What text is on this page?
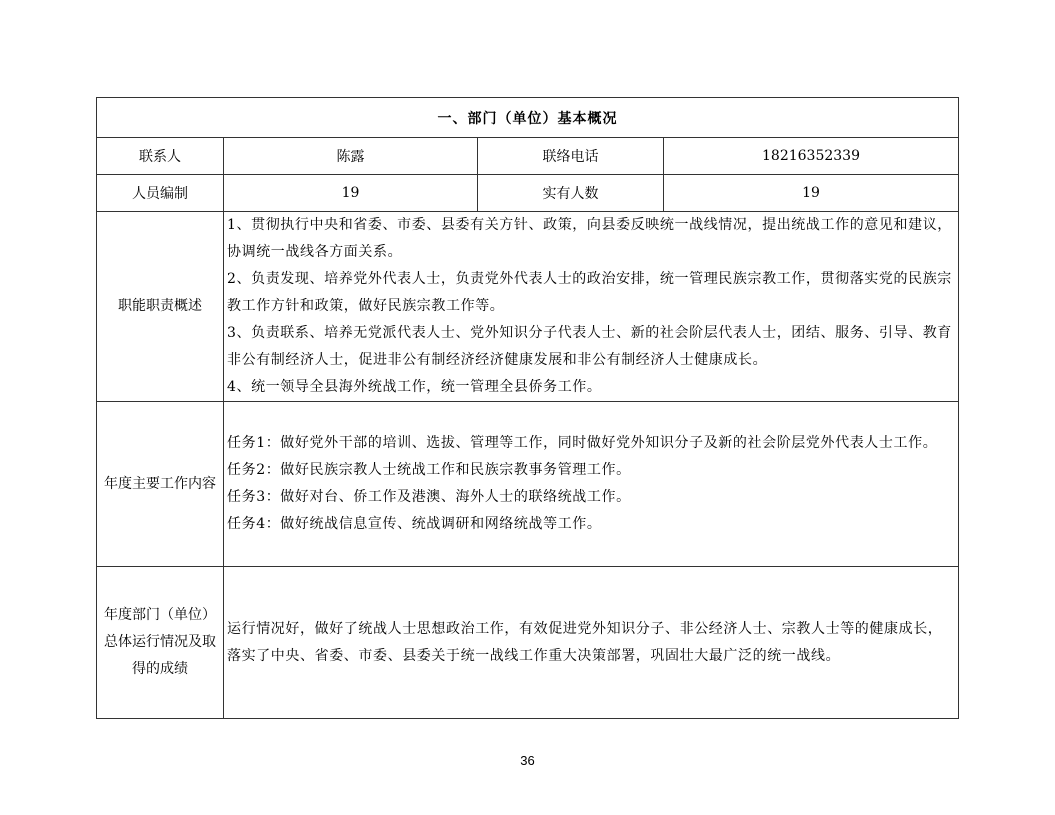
一、部门（单位）基本概况			
联系人	陈露	联络电话	18216352339
人员编制	19	实有人数	19
职能职责概述	1、贯彻执行中央和省委、市委、县委有关方针、政策，向县委反映统一战线情况，提出统战工作的意见和建议，协调统一战线各方面关系。

2、负责发现、培养党外代表人士，负责党外代表人士的政治安排，统一管理民族宗教工作，贯彻落实党的民族宗教工作方针和政策，做好民族宗教工作等。

3、负责联系、培养无党派代表人士、党外知识分子代表人士、新的社会阶层代表人士，团结、服务、引导、教育非公有制经济人士，促进非公有制经济经济健康发展和非公有制经济人士健康成长。

4、统一领导全县海外统战工作，统一管理全县侨务工作。		

年度主要工作内容	任务1：做好党外干部的培训、选拔、管理等工作，同时做好党外知识分子及新的社会阶层党外代表人士工作。

任务2：做好民族宗教人士统战工作和民族宗教事务管理工作。

任务3：做好对台、侨工作及港澳、海外人士的联络统战工作。

任务4：做好统战信息宣传、统战调研和网络统战等工作。		

年度部门（单位）总体运行情况及取得的成绩	运行情况好，做好了统战人士思想政治工作，有效促进党外知识分子、非公经济人士、宗教人士等的健康成长，落实了中央、省委、市委、县委关于统一战线工作重大决策部署，巩固壮大最广泛的统一战线。		

36
